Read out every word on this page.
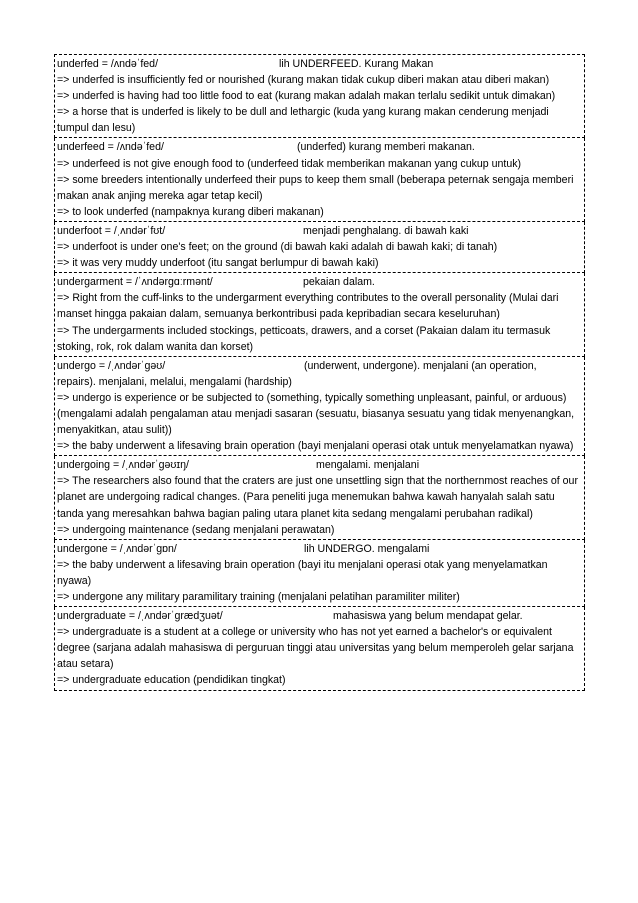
underfed = /ʌndəˈfed/	lih UNDERFEED. Kurang Makan
=> underfed is insufficiently fed or nourished (kurang makan tidak cukup diberi makan atau diberi makan)
=> underfed is having had too little food to eat (kurang makan adalah makan terlalu sedikit untuk dimakan)
=> a horse that is underfed is likely to be dull and lethargic (kuda yang kurang makan cenderung menjadi tumpul dan lesu)
underfeed = /ʌndəˈfed/	(underfed) kurang memberi makanan.
=> underfeed is not give enough food to (underfeed tidak memberikan makanan yang cukup untuk)
=> some breeders intentionally underfeed their pups to keep them small (beberapa peternak sengaja memberi makan anak anjing mereka agar tetap kecil)
=> to look underfed (nampaknya kurang diberi makanan)
underfoot = /ˌʌndərˈfʊt/	menjadi penghalang. di bawah kaki
=> underfoot is under one's feet; on the ground (di bawah kaki adalah di bawah kaki; di tanah)
=> it was very muddy underfoot (itu sangat berlumpur di bawah kaki)
undergarment = /ˈʌndərɡɑːrmənt/	pekaian dalam.
=> Right from the cuff-links to the undergarment everything contributes to the overall personality (Mulai dari manset hingga pakaian dalam, semuanya berkontribusi pada kepribadian secara keseluruhan)
=> The undergarments included stockings, petticoats, drawers, and a corset (Pakaian dalam itu termasuk stoking, rok, rok dalam wanita dan korset)
undergo = /ˌʌndərˈɡəʊ/	(underwent, undergone). menjalani (an operation,
repairs). menjalani, melalui, mengalami (hardship)
=> undergo is experience or be subjected to (something, typically something unpleasant, painful, or arduous) (mengalami adalah pengalaman atau menjadi sasaran (sesuatu, biasanya sesuatu yang tidak menyenangkan, menyakitkan, atau sulit))
=> the baby underwent a lifesaving brain operation (bayi menjalani operasi otak untuk menyelamatkan nyawa)
undergoing = /ˌʌndərˈɡəʊɪŋ/	mengalami. menjalani
=> The researchers also found that the craters are just one unsettling sign that the northernmost reaches of our planet are undergoing radical changes. (Para peneliti juga menemukan bahwa kawah hanyalah salah satu tanda yang meresahkan bahwa bagian paling utara planet kita sedang mengalami perubahan radikal)
=> undergoing maintenance (sedang menjalani perawatan)
undergone = /ˌʌndərˈɡɒn/	lih UNDERGO. mengalami
=> the baby underwent a lifesaving brain operation (bayi itu menjalani operasi otak yang menyelamatkan nyawa)
=> undergone any military paramilitary training (menjalani pelatihan paramiliter militer)
undergraduate = /ˌʌndərˈɡrædʒuət/	mahasiswa yang belum mendapat gelar.
=> undergraduate is a student at a college or university who has not yet earned a bachelor's or equivalent degree (sarjana adalah mahasiswa di perguruan tinggi atau universitas yang belum memperoleh gelar sarjana atau setara)
=> undergraduate education (pendidikan tingkat)
